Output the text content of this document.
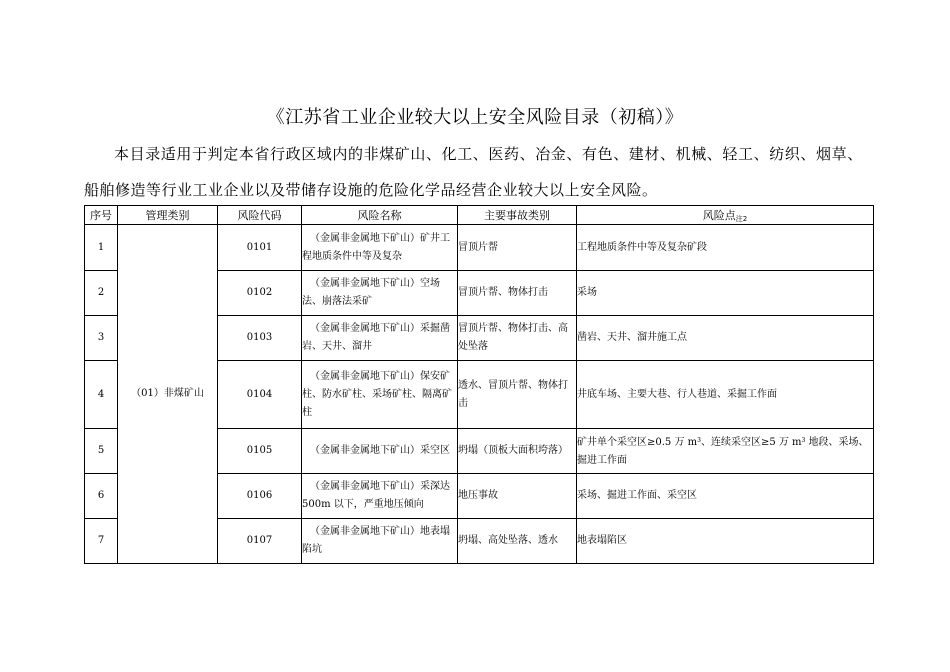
《江苏省工业企业较大以上安全风险目录（初稿）》
本目录适用于判定本省行政区域内的非煤矿山、化工、医药、冶金、有色、建材、机械、轻工、纺织、烟草、
船舶修造等行业工业企业以及带储存设施的危险化学品经营企业较大以上安全风险。
序号	管理类别	风险代码	风险名称	主要事故类别	风险点$^{注2}$
1	（01）非煤矿山	0101	（金属非金属地下矿山）矿井工程地质条件中等及复杂	冒顶片帮	工程地质条件中等及复杂矿段
2		0102	（金属非金属地下矿山）空场法、崩落法采矿	冒顶片帮、物体打击	采场
3		0103	（金属非金属地下矿山）采掘凿岩、天井、溜井	冒顶片帮、物体打击、高处坠落	凿岩、天井、溜井施工点
4		0104	（金属非金属地下矿山）保安矿柱、防水矿柱、采场矿柱、隔离矿柱	透水、冒顶片帮、物体打击	井底车场、主要大巷、行人巷道、采掘工作面
5		0105	（金属非金属地下矿山）采空区	坍塌（顶板大面积垮落）	矿井单个采空区≥0.5 万 $m^3$、连续采空区≥5 万 $m^3$ 地段、采场、掘进工作面
6		0106	（金属非金属地下矿山）采深达 500m 以下，严重地压倾向	地压事故	采场、掘进工作面、采空区
7		0107	（金属非金属地下矿山）地表塌陷坑	坍塌、高处坠落、透水	地表塌陷区
